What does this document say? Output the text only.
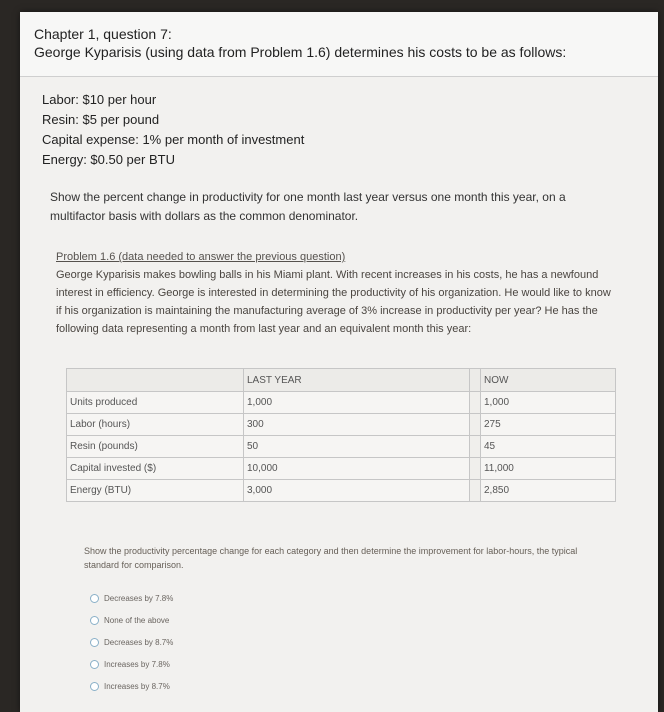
Chapter 1, question 7:
George Kyparisis (using data from Problem 1.6) determines his costs to be as follows:
Labor: $10 per hour
Resin: $5 per pound
Capital expense: 1% per month of investment
Energy: $0.50 per BTU
Show the percent change in productivity for one month last year versus one month this year, on a multifactor basis with dollars as the common denominator.
Problem 1.6 (data needed to answer the previous question)
George Kyparisis makes bowling balls in his Miami plant. With recent increases in his costs, he has a newfound interest in efficiency. George is interested in determining the productivity of his organization. He would like to know if his organization is maintaining the manufacturing average of 3% increase in productivity per year? He has the following data representing a month from last year and an equivalent month this year:
	LAST YEAR		NOW
Units produced	1,000		1,000
Labor (hours)	300		275
Resin (pounds)	50		45
Capital invested ($)	10,000		11,000
Energy (BTU)	3,000		2,850
Show the productivity percentage change for each category and then determine the improvement for labor-hours, the typical standard for comparison.
Decreases by 7.8%
None of the above
Decreases by 8.7%
Increases by 7.8%
Increases by 8.7%
